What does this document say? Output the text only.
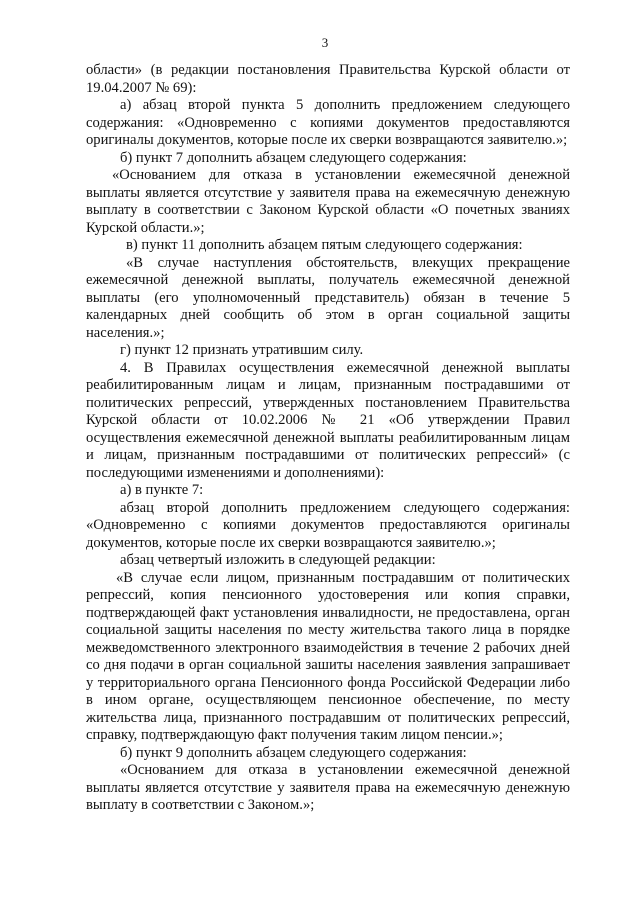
3

области» (в редакции постановления Правительства Курской области от 19.04.2007 № 69):

а) абзац второй пункта 5 дополнить предложением следующего содержания: «Одновременно с копиями документов предоставляются оригиналы документов, которые после их сверки возвращаются заявителю.»;

б) пункт 7 дополнить абзацем следующего содержания:

«Основанием для отказа в установлении ежемесячной денежной выплаты является отсутствие у заявителя права на ежемесячную денежную выплату в соответствии с Законом Курской области «О почетных званиях Курской области.»;

в) пункт 11 дополнить абзацем пятым следующего содержания:

«В случае наступления обстоятельств, влекущих прекращение ежемесячной денежной выплаты, получатель ежемесячной денежной выплаты (его уполномоченный представитель) обязан в течение 5 календарных дней сообщить об этом в орган социальной защиты населения.»;

г) пункт 12 признать утратившим силу.

4. В Правилах осуществления ежемесячной денежной выплаты реабилитированным лицам и лицам, признанным пострадавшими от политических репрессий, утвержденных постановлением Правительства Курской области от 10.02.2006 № 21 «Об утверждении Правил осуществления ежемесячной денежной выплаты реабилитированным лицам и лицам, признанным пострадавшими от политических репрессий» (с последующими изменениями и дополнениями):

а) в пункте 7:

абзац второй дополнить предложением следующего содержания: «Одновременно с копиями документов предоставляются оригиналы документов, которые после их сверки возвращаются заявителю.»;

абзац четвертый изложить в следующей редакции:

«В случае если лицом, признанным пострадавшим от политических репрессий, копия пенсионного удостоверения или копия справки, подтверждающей факт установления инвалидности, не предоставлена, орган социальной защиты населения по месту жительства такого лица в порядке межведомственного электронного взаимодействия в течение 2 рабочих дней со дня подачи в орган социальной зашиты населения заявления запрашивает у территориального органа Пенсионного фонда Российской Федерации либо в ином органе, осуществляющем пенсионное обеспечение, по месту жительства лица, признанного пострадавшим от политических репрессий, справку, подтверждающую факт получения таким лицом пенсии.»;

б) пункт 9 дополнить абзацем следующего содержания:

«Основанием для отказа в установлении ежемесячной денежной выплаты является отсутствие у заявителя права на ежемесячную денежную выплату в соответствии с Законом.»;
